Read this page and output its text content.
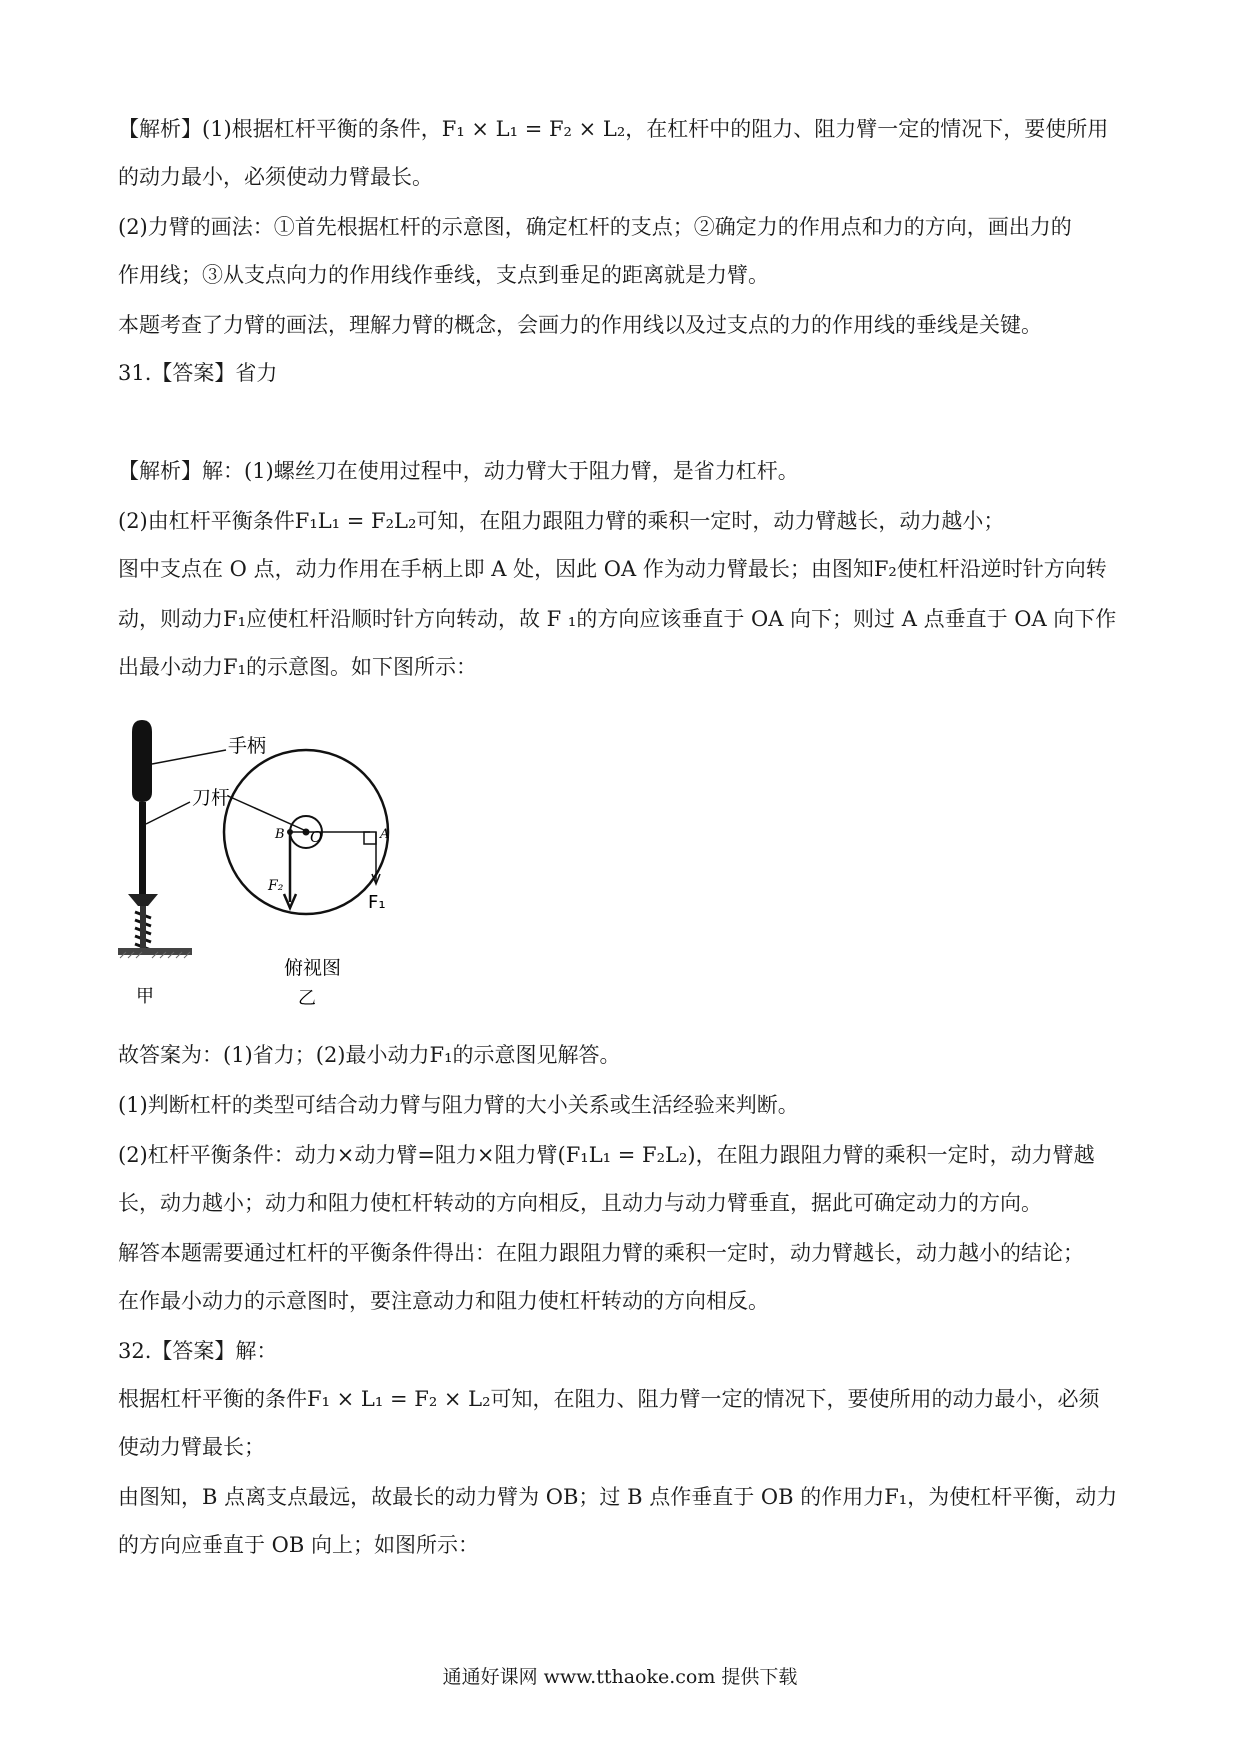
【解析】(1)根据杠杆平衡的条件，F₁ × L₁ = F₂ × L₂，在杠杆中的阻力、阻力臂一定的情况下，要使所用
的动力最小，必须使动力臂最长。
(2)力臂的画法：①首先根据杠杆的示意图，确定杠杆的支点；②确定力的作用点和力的方向，画出力的
作用线；③从支点向力的作用线作垂线，支点到垂足的距离就是力臂。
本题考查了力臂的画法，理解力臂的概念，会画力的作用线以及过支点的力的作用线的垂线是关键。
31.【答案】省力
【解析】解：(1)螺丝刀在使用过程中，动力臂大于阻力臂，是省力杠杆。
(2)由杠杆平衡条件F₁L₁ = F₂L₂可知，在阻力跟阻力臂的乘积一定时，动力臂越长，动力越小；
图中支点在 O 点，动力作用在手柄上即 A 处，因此 OA 作为动力臂最长；由图知F₂使杠杆沿逆时针方向转
动，则动力F₁应使杠杆沿顺时针方向转动，故 F ₁的方向应该垂直于 OA 向下；则过 A 点垂直于 OA 向下作
出最小动力F₁的示意图。如下图所示：
手柄
刀杆
B O	A
F₂
F₁
甲
俯视图
乙
故答案为：(1)省力；(2)最小动力F₁的示意图见解答。
(1)判断杠杆的类型可结合动力臂与阻力臂的大小关系或生活经验来判断。
(2)杠杆平衡条件：动力×动力臂=阻力×阻力臂(F₁L₁ = F₂L₂)，在阻力跟阻力臂的乘积一定时，动力臂越
长，动力越小；动力和阻力使杠杆转动的方向相反，且动力与动力臂垂直，据此可确定动力的方向。
解答本题需要通过杠杆的平衡条件得出：在阻力跟阻力臂的乘积一定时，动力臂越长，动力越小的结论；
在作最小动力的示意图时，要注意动力和阻力使杠杆转动的方向相反。
32.【答案】解：
根据杠杆平衡的条件F₁ × L₁ = F₂ × L₂可知，在阻力、阻力臂一定的情况下，要使所用的动力最小，必须
使动力臂最长；
由图知，B 点离支点最远，故最长的动力臂为 OB；过 B 点作垂直于 OB 的作用力F₁，为使杠杆平衡，动力
的方向应垂直于 OB 向上；如图所示：
通通好课网 www.tthaoke.com 提供下载
